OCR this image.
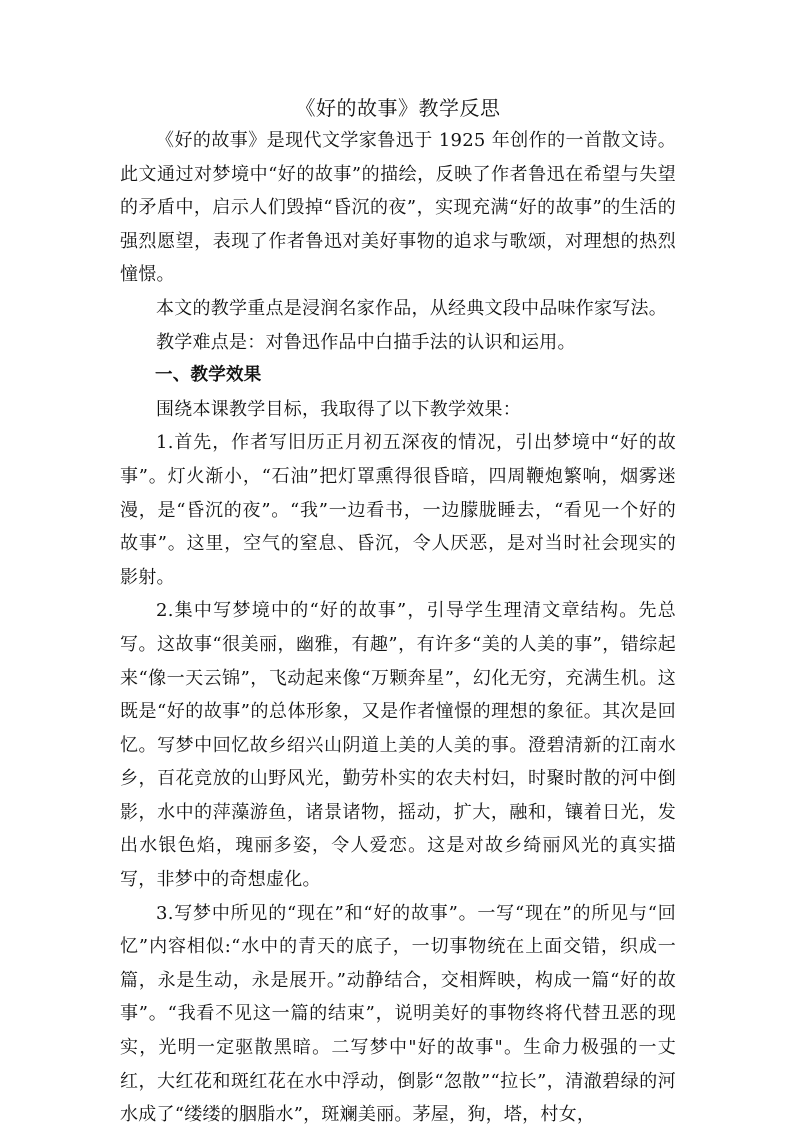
《好的故事》教学反思

《好的故事》是现代文学家鲁迅于 1925 年创作的一首散文诗。此文通过对梦境中“好的故事”的描绘，反映了作者鲁迅在希望与失望的矛盾中，启示人们毁掉“昏沉的夜”，实现充满“好的故事”的生活的强烈愿望，表现了作者鲁迅对美好事物的追求与歌颂，对理想的热烈憧憬。

本文的教学重点是浸润名家作品，从经典文段中品味作家写法。

教学难点是：对鲁迅作品中白描手法的认识和运用。

一、教学效果

围绕本课教学目标，我取得了以下教学效果：

1.首先，作者写旧历正月初五深夜的情况，引出梦境中“好的故事”。灯火渐小，“石油”把灯罩熏得很昏暗，四周鞭炮繁响，烟雾迷漫，是“昏沉的夜”。“我”一边看书，一边朦胧睡去，“看见一个好的故事”。这里，空气的窒息、昏沉，令人厌恶，是对当时社会现实的影射。

2.集中写梦境中的“好的故事”，引导学生理清文章结构。先总写。这故事“很美丽，幽雅，有趣”，有许多“美的人美的事”，错综起来“像一天云锦”，飞动起来像“万颗奔星”，幻化无穷，充满生机。这既是“好的故事”的总体形象，又是作者憧憬的理想的象征。其次是回忆。写梦中回忆故乡绍兴山阴道上美的人美的事。澄碧清新的江南水乡，百花竞放的山野风光，勤劳朴实的农夫村妇，时聚时散的河中倒影，水中的萍藻游鱼，诸景诸物，摇动，扩大，融和，镶着日光，发出水银色焰，瑰丽多姿，令人爱恋。这是对故乡绮丽风光的真实描写，非梦中的奇想虚化。

3.写梦中所见的“现在”和“好的故事”。一写“现在”的所见与“回忆”内容相似:“水中的青天的底子，一切事物统在上面交错，织成一篇，永是生动，永是展开。”动静结合，交相辉映，构成一篇“好的故事”。“我看不见这一篇的结束”，说明美好的事物终将代替丑恶的现实，光明一定驱散黑暗。二写梦中"好的故事"。生命力极强的一丈红，大红花和斑红花在水中浮动，倒影“忽散”“拉长”，清澈碧绿的河水成了“缕缕的胭脂水”，斑斓美丽。茅屋，狗，塔，村女，
